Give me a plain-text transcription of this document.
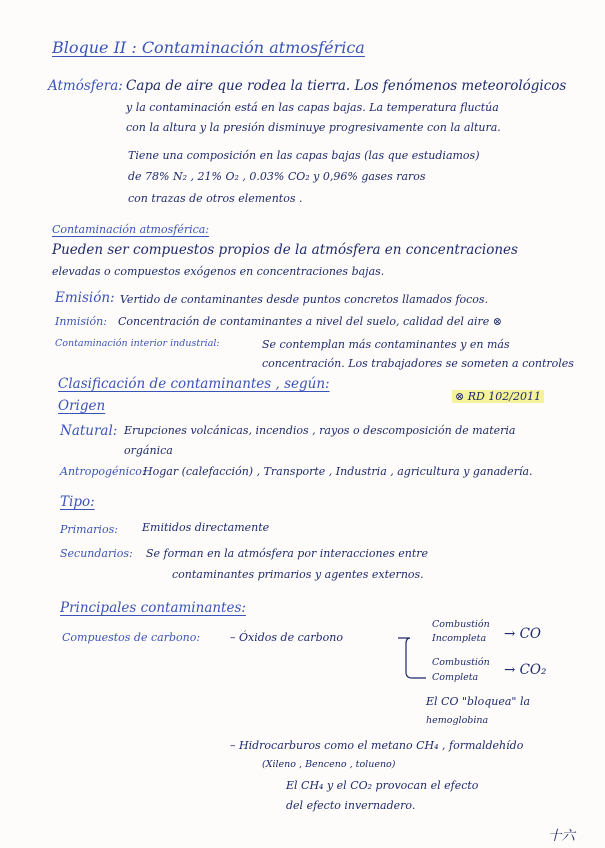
Bloque II : Contaminación atmosférica
Atmósfera: Capa de aire que rodea la tierra. Los fenómenos meteorológicos
y la contaminación está en las capas bajas. La temperatura fluctúa
con la altura y la presión disminuye progresivamente con la altura.
Tiene una composición en las capas bajas (las que estudiamos)
de 78% N₂ , 21% O₂ , 0.03% CO₂ y 0,96% gases raros
con trazas de otros elementos .
Contaminación atmosférica:
Pueden ser compuestos propios de la atmósfera en concentraciones
elevadas o compuestos exógenos en concentraciones bajas.
Emisión: Vertido de contaminantes desde puntos concretos llamados focos.
Inmisión: Concentración de contaminantes a nivel del suelo, calidad del aire ⊗
Contaminación interior industrial:	Se contemplan más contaminantes y en más
concentración. Los trabajadores se someten a controles
Clasificación de contaminantes , según:
⊗ RD 102/2011
Origen
Natural: Erupciones volcánicas, incendios , rayos o descomposición de materia
orgánica
Antropogénico:
Hogar (calefacción) , Transporte , Industria , agricultura y ganadería.
Tipo:
Primarios: Emitidos directamente
Secundarios: Se forman en la atmósfera por interacciones entre
contaminantes primarios y agentes externos.
Principales contaminantes:
Compuestos de carbono:	– Óxidos de carbono
Combustión
Incompleta → CO
Combustión
Completa → CO₂
El CO "bloquea" la
hemoglobina
– Hidrocarburos como el metano CH₄ , formaldehído
(Xileno , Benceno , tolueno)
El CH₄ y el CO₂ provocan el efecto
del efecto invernadero.
十六
